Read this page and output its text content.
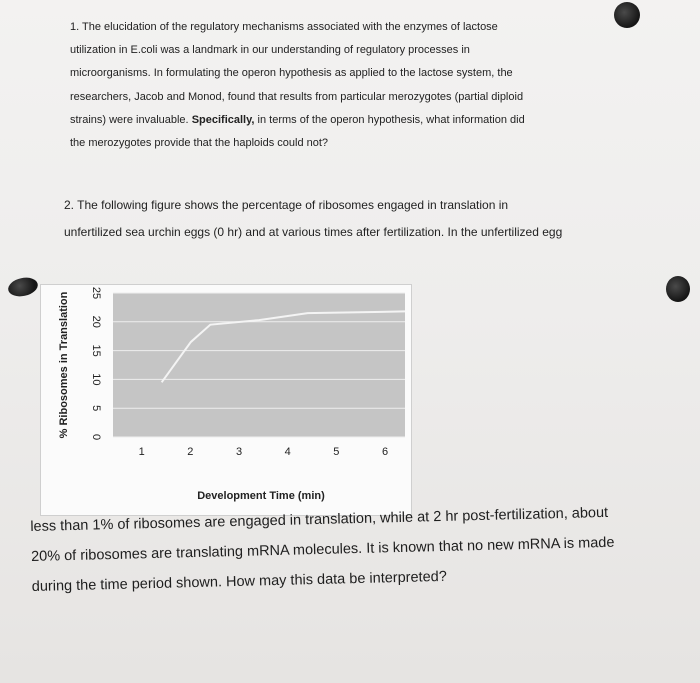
1. The elucidation of the regulatory mechanisms associated with the enzymes of lactose

utilization in E.coli was a landmark in our understanding of regulatory processes in

microorganisms. In formulating the operon hypothesis as applied to the lactose system, the

researchers, Jacob and Monod, found that results from particular merozygotes (partial diploid

strains) were invaluable. Specifically, in terms of the operon hypothesis, what information did

the merozygotes provide that the haploids could not?

2. The following figure shows the percentage of ribosomes engaged in translation in

unfertilized sea urchin eggs (0 hr) and at various times after fertilization. In the unfertilized egg

25
20
15
10
5
0
1	2	3	4	5	6
Development Time (min)
% Ribosomes in Translation

less than 1% of ribosomes are engaged in translation, while at 2 hr post-fertilization, about

20% of ribosomes are translating mRNA molecules. It is known that no new mRNA is made

during the time period shown. How may this data be interpreted?
